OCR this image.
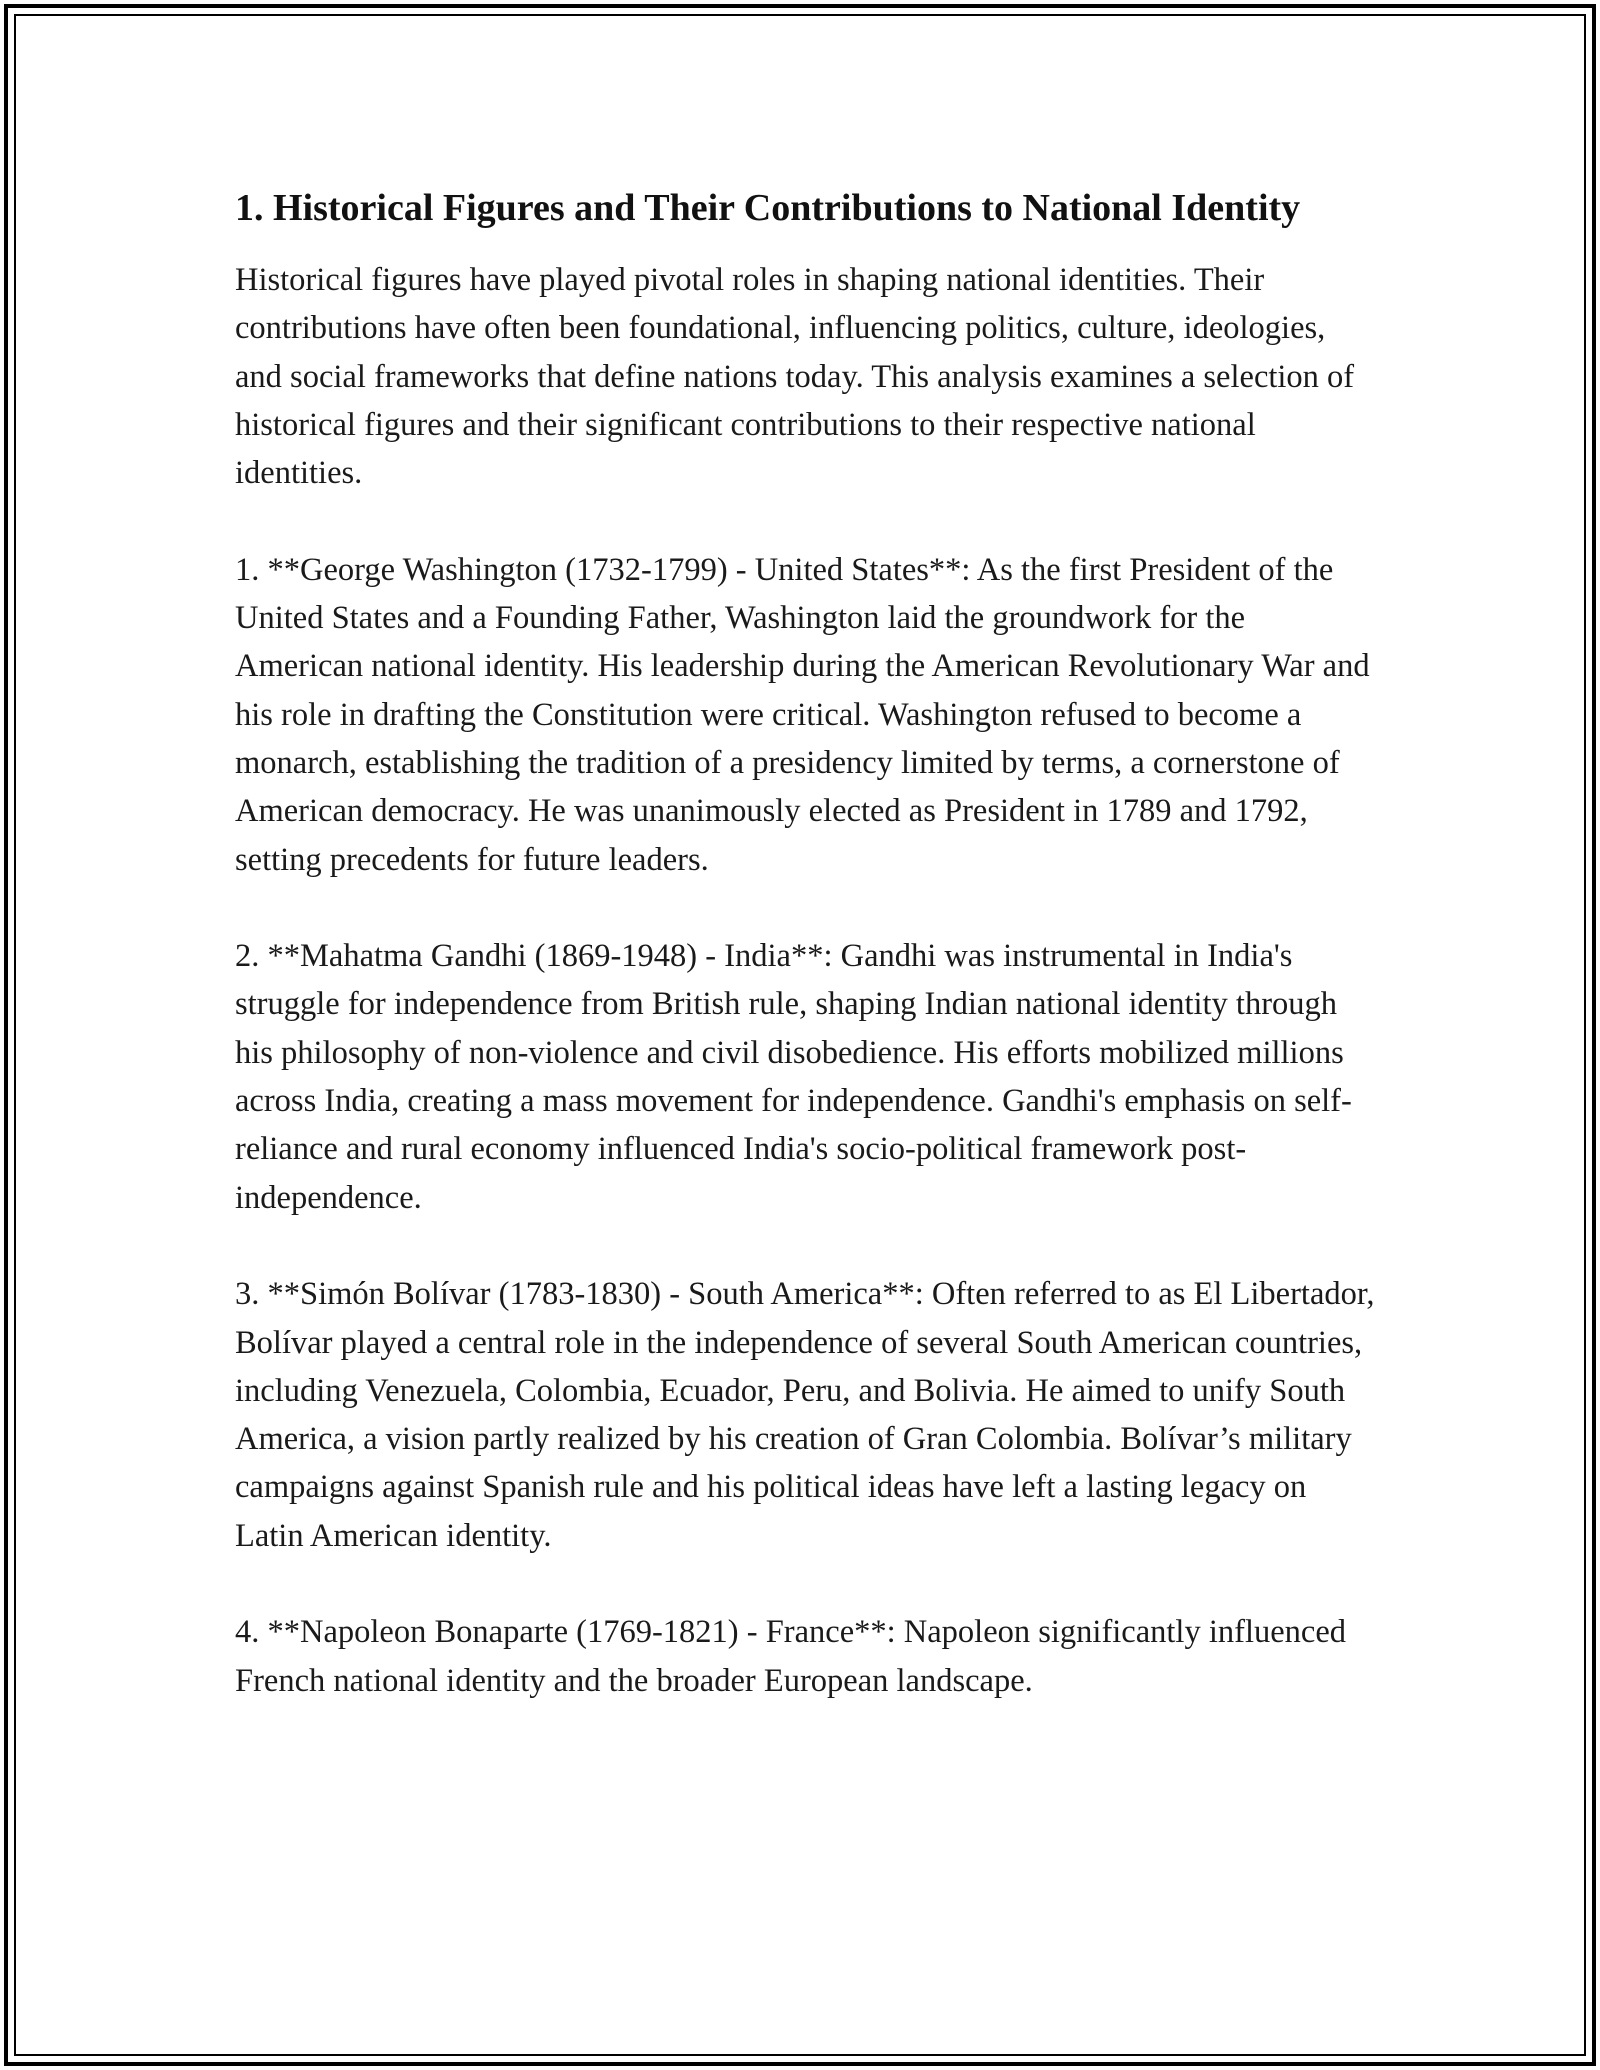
1. Historical Figures and Their Contributions to National Identity

Historical figures have played pivotal roles in shaping national identities. Their contributions have often been foundational, influencing politics, culture, ideologies, and social frameworks that define nations today. This analysis examines a selection of historical figures and their significant contributions to their respective national identities.

1. **George Washington (1732-1799) - United States**: As the first President of the United States and a Founding Father, Washington laid the groundwork for the American national identity. His leadership during the American Revolutionary War and his role in drafting the Constitution were critical. Washington refused to become a monarch, establishing the tradition of a presidency limited by terms, a cornerstone of American democracy. He was unanimously elected as President in 1789 and 1792, setting precedents for future leaders.

2. **Mahatma Gandhi (1869-1948) - India**: Gandhi was instrumental in India's struggle for independence from British rule, shaping Indian national identity through his philosophy of non-violence and civil disobedience. His efforts mobilized millions across India, creating a mass movement for independence. Gandhi's emphasis on self-reliance and rural economy influenced India's socio-political framework post-independence.

3. **Simón Bolívar (1783-1830) - South America**: Often referred to as El Libertador, Bolívar played a central role in the independence of several South American countries, including Venezuela, Colombia, Ecuador, Peru, and Bolivia. He aimed to unify South America, a vision partly realized by his creation of Gran Colombia. Bolívar’s military campaigns against Spanish rule and his political ideas have left a lasting legacy on Latin American identity.

4. **Napoleon Bonaparte (1769-1821) - France**: Napoleon significantly influenced French national identity and the broader European landscape.
